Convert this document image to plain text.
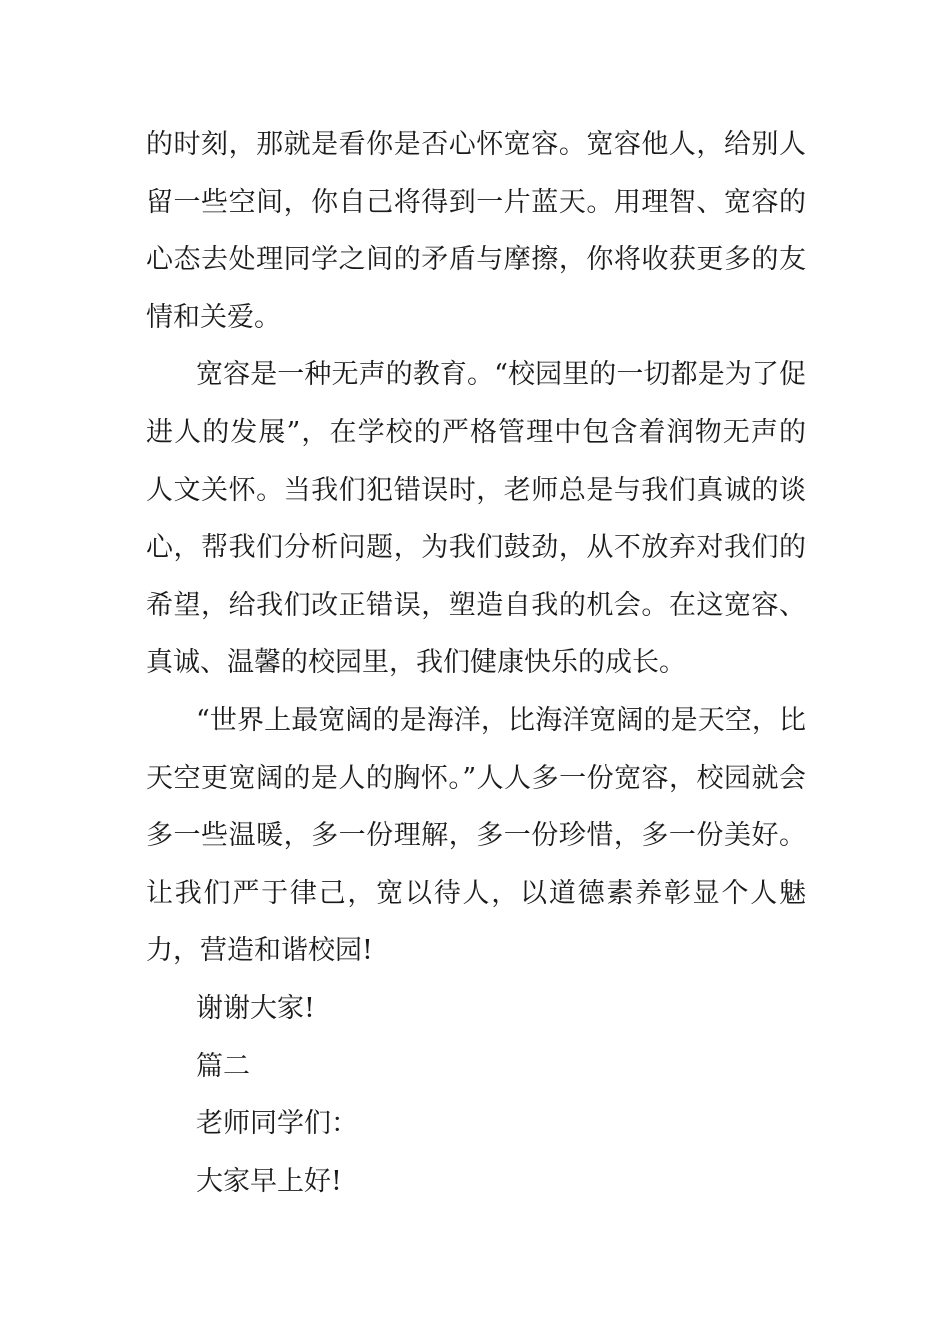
的时刻，那就是看你是否心怀宽容。宽容他人，给别人留一些空间，你自己将得到一片蓝天。用理智、宽容的心态去处理同学之间的矛盾与摩擦，你将收获更多的友情和关爱。

宽容是一种无声的教育。“校园里的一切都是为了促进人的发展”，在学校的严格管理中包含着润物无声的人文关怀。当我们犯错误时，老师总是与我们真诚的谈心，帮我们分析问题，为我们鼓劲，从不放弃对我们的希望，给我们改正错误，塑造自我的机会。在这宽容、真诚、温馨的校园里，我们健康快乐的成长。

“世界上最宽阔的是海洋，比海洋宽阔的是天空，比天空更宽阔的是人的胸怀。”人人多一份宽容，校园就会多一些温暖，多一份理解，多一份珍惜，多一份美好。让我们严于律己，宽以待人，以道德素养彰显个人魅力，营造和谐校园!

谢谢大家!

篇二

老师同学们：

大家早上好!
